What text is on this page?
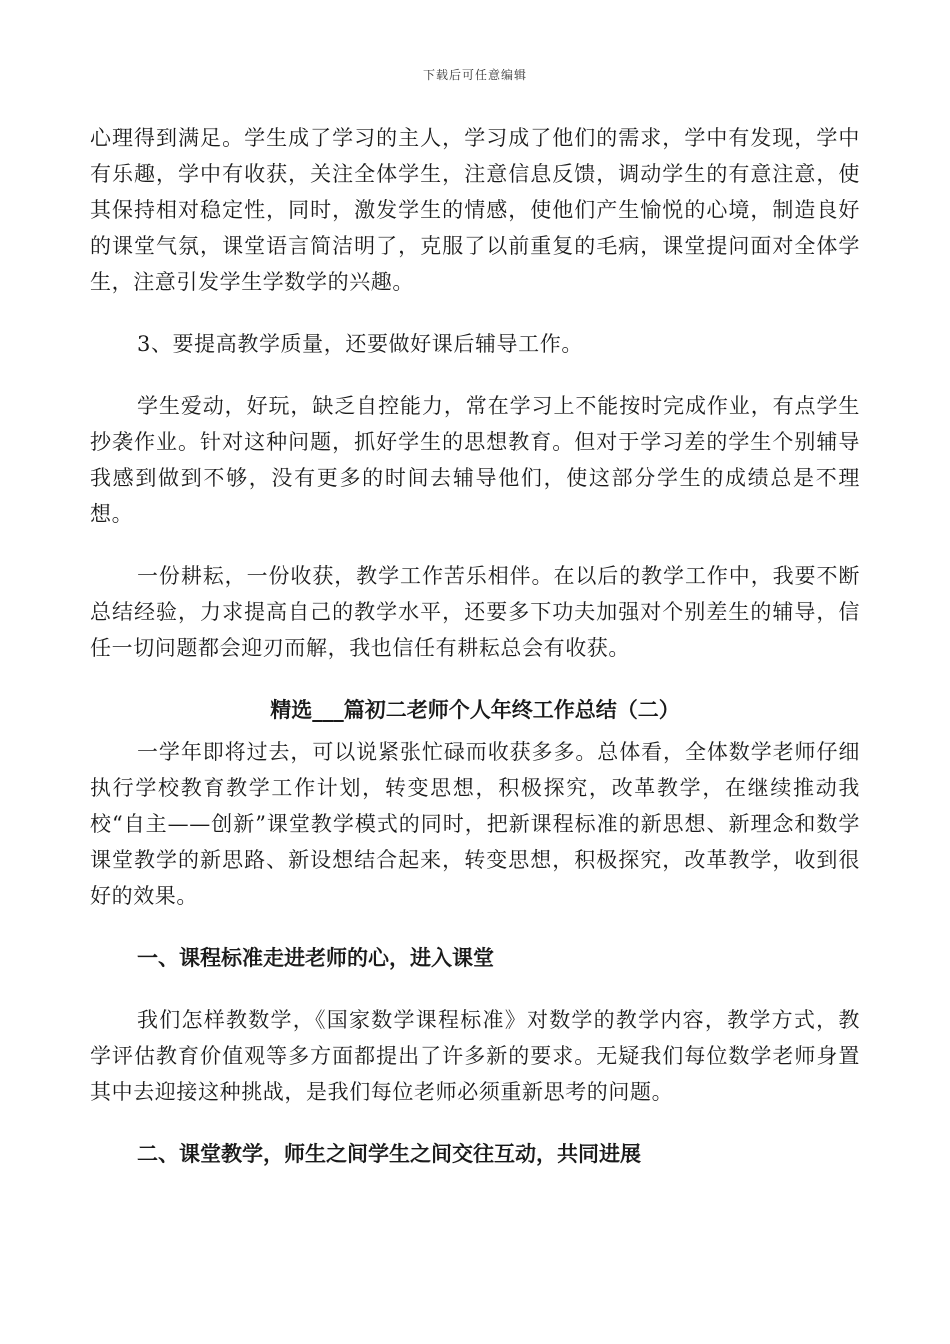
下载后可任意编辑

心理得到满足。学生成了学习的主人，学习成了他们的需求，学中有发现，学中有乐趣，学中有收获，关注全体学生，注意信息反馈，调动学生的有意注意，使其保持相对稳定性，同时，激发学生的情感，使他们产生愉悦的心境，制造良好的课堂气氛，课堂语言简洁明了，克服了以前重复的毛病，课堂提问面对全体学生，注意引发学生学数学的兴趣。

3、要提高教学质量，还要做好课后辅导工作。

学生爱动，好玩，缺乏自控能力，常在学习上不能按时完成作业，有点学生抄袭作业。针对这种问题，抓好学生的思想教育。但对于学习差的学生个别辅导我感到做到不够，没有更多的时间去辅导他们，使这部分学生的成绩总是不理想。

一份耕耘，一份收获，教学工作苦乐相伴。在以后的教学工作中，我要不断总结经验，力求提高自己的教学水平，还要多下功夫加强对个别差生的辅导，信任一切问题都会迎刃而解，我也信任有耕耘总会有收获。

精选___篇初二老师个人年终工作总结（二）

一学年即将过去，可以说紧张忙碌而收获多多。总体看，全体数学老师仔细执行学校教育教学工作计划，转变思想，积极探究，改革教学，在继续推动我校“自主——创新”课堂教学模式的同时，把新课程标准的新思想、新理念和数学课堂教学的新思路、新设想结合起来，转变思想，积极探究，改革教学，收到很好的效果。

一、课程标准走进老师的心，进入课堂

我们怎样教数学，《国家数学课程标准》对数学的教学内容，教学方式，教学评估教育价值观等多方面都提出了许多新的要求。无疑我们每位数学老师身置其中去迎接这种挑战，是我们每位老师必须重新思考的问题。

二、课堂教学，师生之间学生之间交往互动，共同进展
